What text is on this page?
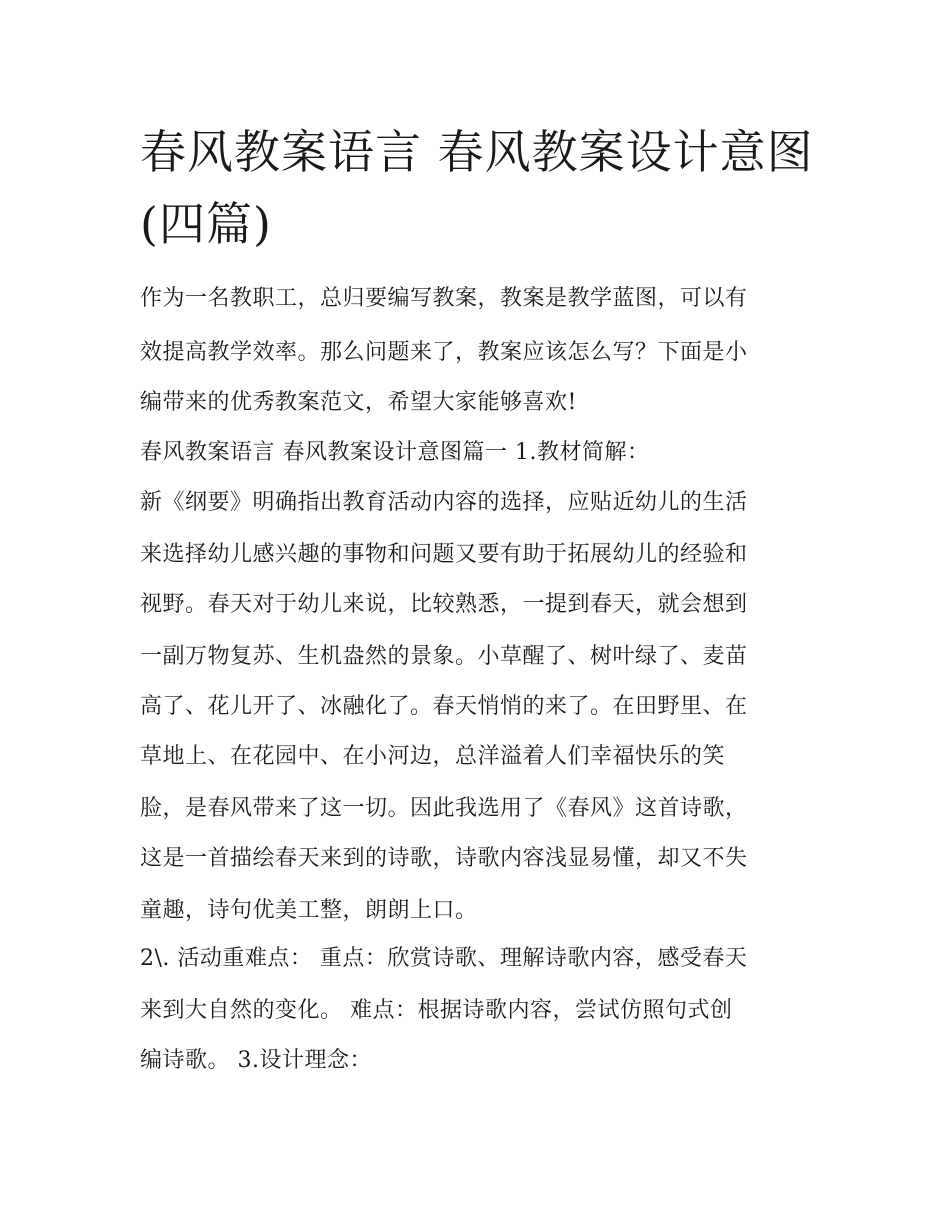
春风教案语言 春风教案设计意图(四篇)

作为一名教职工，总归要编写教案，教案是教学蓝图，可以有

效提高教学效率。那么问题来了，教案应该怎么写？下面是小

编带来的优秀教案范文，希望大家能够喜欢!

春风教案语言 春风教案设计意图篇一 1.教材简解：

新《纲要》明确指出教育活动内容的选择，应贴近幼儿的生活

来选择幼儿感兴趣的事物和问题又要有助于拓展幼儿的经验和

视野。春天对于幼儿来说，比较熟悉，一提到春天，就会想到

一副万物复苏、生机盎然的景象。小草醒了、树叶绿了、麦苗

高了、花儿开了、冰融化了。春天悄悄的来了。在田野里、在

草地上、在花园中、在小河边，总洋溢着人们幸福快乐的笑

脸，是春风带来了这一切。因此我选用了《春风》这首诗歌，

这是一首描绘春天来到的诗歌，诗歌内容浅显易懂，却又不失

童趣，诗句优美工整，朗朗上口。

2\. 活动重难点： 重点：欣赏诗歌、理解诗歌内容，感受春天

来到大自然的变化。 难点：根据诗歌内容，尝试仿照句式创

编诗歌。 3.设计理念：
